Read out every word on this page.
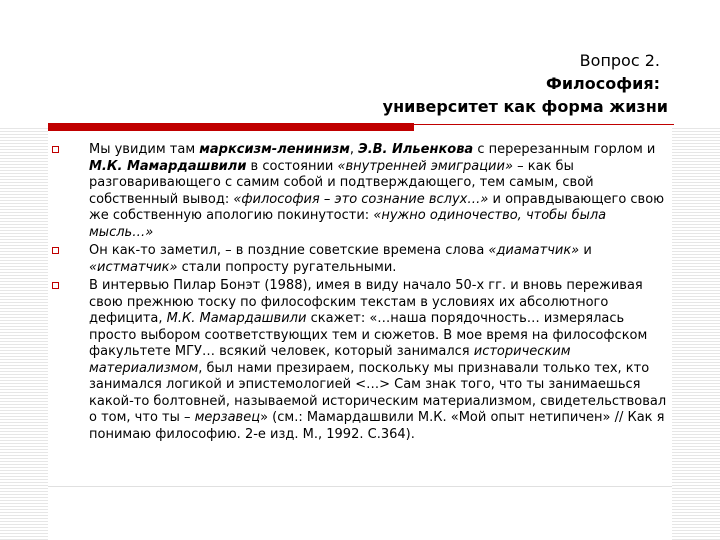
Вопрос 2.
Философия:
университет как форма жизни
Мы увидим там марксизм-ленинизм, Э.В. Ильенкова с перерезанным горлом и М.К. Мамардашвили в состоянии «внутренней эмиграции» – как бы разговаривающего с самим собой и подтверждающего, тем самым, свой собственный вывод: «философия – это сознание вслух…» и оправдывающего свою же собственную апологию покинутости: «нужно одиночество, чтобы была мысль…»
Он как-то заметил, – в поздние советские времена слова «диаматчик» и «истматчик» стали попросту ругательными.
В интервью Пилар Бонэт (1988), имея в виду начало 50-х гг. и вновь переживая свою прежнюю тоску по философским текстам в условиях их абсолютного дефицита, М.К. Мамардашвили скажет: «…наша порядочность… измерялась просто выбором соответствующих тем и сюжетов. В мое время на философском факультете МГУ… всякий человек, который занимался историческим материализмом, был нами презираем, поскольку мы признавали только тех, кто занимался логикой и эпистемологией <…> Сам знак того, что ты занимаешься какой-то болтовней, называемой историческим материализмом, свидетельствовал о том, что ты – мерзавец» (см.: Мамардашвили М.К. «Мой опыт нетипичен» // Как я понимаю философию. 2-е изд. М., 1992. С.364).
